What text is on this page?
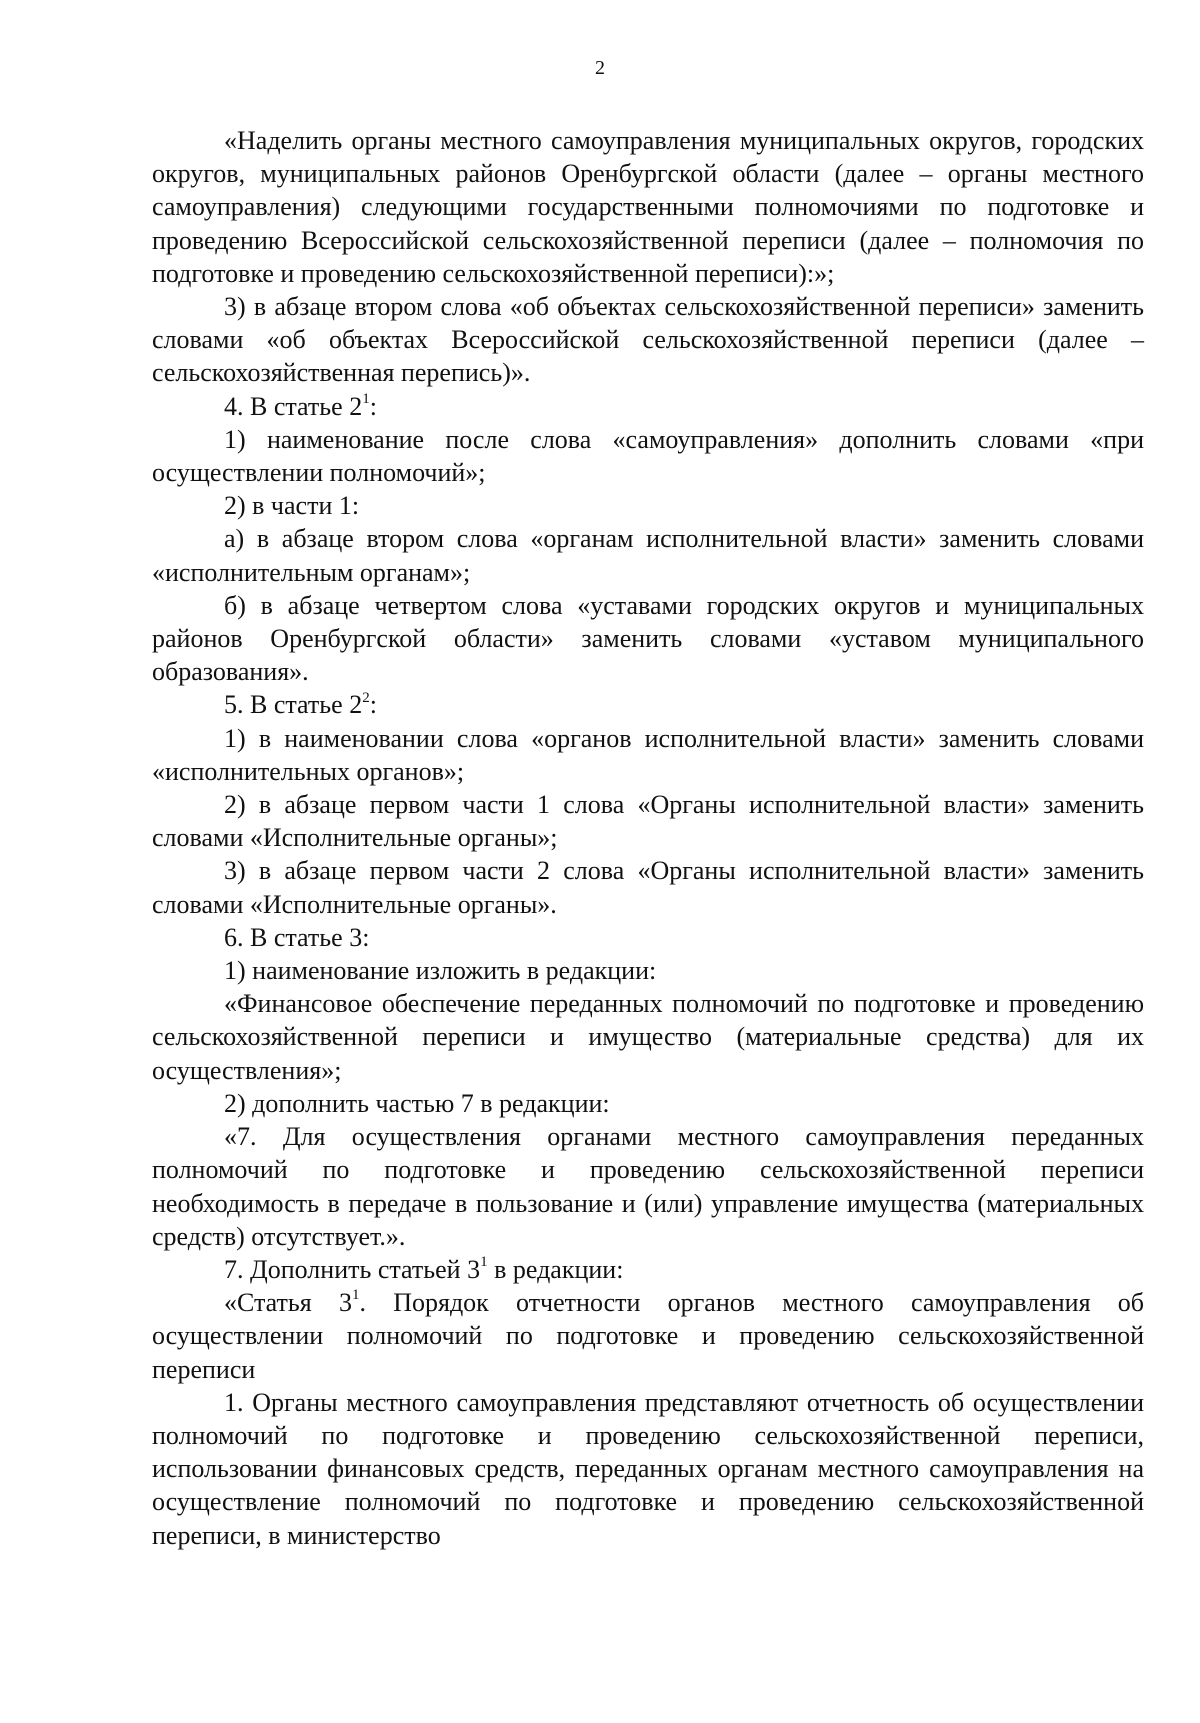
2

«Наделить органы местного самоуправления муниципальных округов, городских округов, муниципальных районов Оренбургской области (далее – органы местного самоуправления) следующими государственными полномочиями по подготовке и проведению Всероссийской сельскохозяйственной переписи (далее – полномочия по подготовке и проведению сельскохозяйственной переписи):»;

3) в абзаце втором слова «об объектах сельскохозяйственной переписи» заменить словами «об объектах Всероссийской сельскохозяйственной переписи (далее – сельскохозяйственная перепись)».

4. В статье $2^1$:

1) наименование после слова «самоуправления» дополнить словами «при осуществлении полномочий»;

2) в части 1:

а) в абзаце втором слова «органам исполнительной власти» заменить словами «исполнительным органам»;

б) в абзаце четвертом слова «уставами городских округов и муниципальных районов Оренбургской области» заменить словами «уставом муниципального образования».

5. В статье $2^2$:

1) в наименовании слова «органов исполнительной власти» заменить словами «исполнительных органов»;

2) в абзаце первом части 1 слова «Органы исполнительной власти» заменить словами «Исполнительные органы»;

3) в абзаце первом части 2 слова «Органы исполнительной власти» заменить словами «Исполнительные органы».

6. В статье 3:

1) наименование изложить в редакции:

«Финансовое обеспечение переданных полномочий по подготовке и проведению сельскохозяйственной переписи и имущество (материальные средства) для их осуществления»;

2) дополнить частью 7 в редакции:

«7. Для осуществления органами местного самоуправления переданных полномочий по подготовке и проведению сельскохозяйственной переписи необходимость в передаче в пользование и (или) управление имущества (материальных средств) отсутствует.».

7. Дополнить статьей $3^1$ в редакции:

«Статья $3^1$. Порядок отчетности органов местного самоуправления об осуществлении полномочий по подготовке и проведению сельскохозяйственной переписи

1. Органы местного самоуправления представляют отчетность об осуществлении полномочий по подготовке и проведению сельскохозяйственной переписи, использовании финансовых средств, переданных органам местного самоуправления на осуществление полномочий по подготовке и проведению сельскохозяйственной переписи, в министерство
